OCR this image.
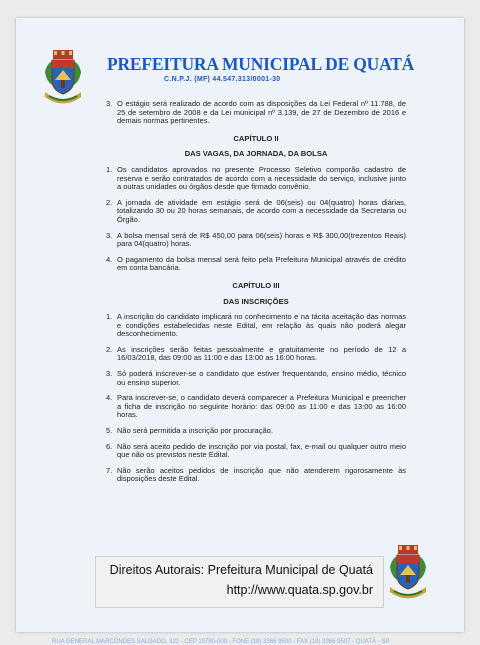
PREFEITURA MUNICIPAL DE QUATÁ
C.N.P.J. (MF) 44.547.313/0001-30
3. O estágio será realizado de acordo com as disposições da Lei Federal nº 11.788, de 25 de setembro de 2008 e da Lei municipal nº 3.139, de 27 de Dezembro de 2016 e demais normas pertinentes.
CAPÍTULO II
DAS VAGAS, DA JORNADA, DA BOLSA
1. Os candidatos aprovados no presente Processo Seletivo comporão cadastro de reserva e serão contratados de acordo com a necessidade do serviço, inclusive junto a outras unidades ou órgãos desde que firmado convênio.
2. A jornada de atividade em estágio será de 06(seis) ou 04(quatro) horas diárias, totalizando 30 ou 20 horas semanais, de acordo com a necessidade da Secretaria ou Órgão.
3. A bolsa mensal será de R$ 450,00 para 06(seis) horas e R$ 300,00(trezentos Reais) para 04(quatro) horas.
4. O pagamento da bolsa mensal será feito pela Prefeitura Municipal através de crédito em conta bancária.
CAPÍTULO III
DAS INSCRIÇÕES
1. A inscrição do candidato implicará no conhecimento e na tácita aceitação das normas e condições estabelecidas neste Edital, em relação às quais não poderá alegar desconhecimento.
2. As inscrições serão feitas pessoalmente e gratuitamente no período de 12 a 16/03/2018, das 09:00 as 11:00 e das 13:00 as 16:00 horas.
3. Só poderá inscrever-se o candidato que estiver frequentando, ensino médio, técnico ou ensino superior.
4. Para inscrever-se, o candidato deverá comparecer a Prefeitura Municipal e preencher a ficha de inscrição no seguinte horário: das 09:00 as 11:00 e das 13:00 as 16:00 horas.
5. Não será permitida a inscrição por procuração.
6. Não será aceito pedido de inscrição por via postal, fax, e-mail ou qualquer outro meio que não os previstos neste Edital.
7. Não serão aceitos pedidos de inscrição que não atenderem rigorosamente às disposições deste Edital.
RUA GENERAL MARCONDES SALGADO, 322 - CEP 19780-000 - FONE (18) 3366 9500 - FAX (18) 3366 9507 - QUATÁ - SP
Direitos Autorais: Prefeitura Municipal de Quatá
http://www.quata.sp.gov.br
